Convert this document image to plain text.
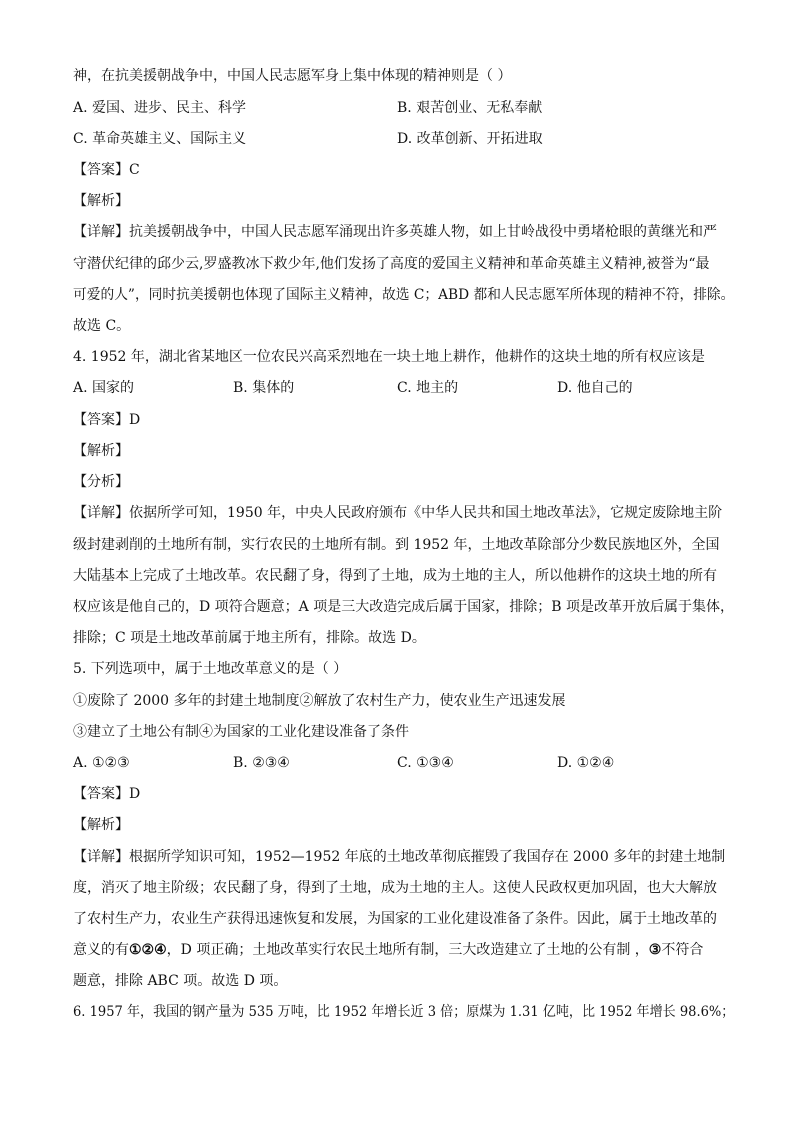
神，在抗美援朝战争中，中国人民志愿军身上集中体现的精神则是（ ）
A. 爱国、进步、民主、科学	B. 艰苦创业、无私奉献
C. 革命英雄主义、国际主义	D. 改革创新、开拓进取
【答案】C
【解析】
【详解】抗美援朝战争中，中国人民志愿军涌现出许多英雄人物，如上甘岭战役中勇堵枪眼的黄继光和严
守潜伏纪律的邱少云,罗盛教冰下救少年,他们发扬了高度的爱国主义精神和革命英雄主义精神,被誉为“最
可爱的人”，同时抗美援朝也体现了国际主义精神，故选 C；ABD 都和人民志愿军所体现的精神不符，排除。
故选 C。
4. 1952 年，湖北省某地区一位农民兴高采烈地在一块土地上耕作，他耕作的这块土地的所有权应该是
A. 国家的	B. 集体的	C. 地主的	D. 他自己的
【答案】D
【解析】
【分析】
【详解】依据所学可知，1950 年，中央人民政府颁布《中华人民共和国土地改革法》，它规定废除地主阶
级封建剥削的土地所有制，实行农民的土地所有制。到 1952 年，土地改革除部分少数民族地区外，全国
大陆基本上完成了土地改革。农民翻了身，得到了土地，成为土地的主人，所以他耕作的这块土地的所有
权应该是他自己的，D 项符合题意；A 项是三大改造完成后属于国家，排除；B 项是改革开放后属于集体，
排除；C 项是土地改革前属于地主所有，排除。故选 D。
5. 下列选项中，属于土地改革意义的是（ ）
①废除了 2000 多年的封建土地制度②解放了农村生产力，使农业生产迅速发展
③建立了土地公有制④为国家的工业化建设准备了条件
A. ①②③	B. ②③④	C. ①③④	D. ①②④
【答案】D
【解析】
【详解】根据所学知识可知，1952—1952 年底的土地改革彻底摧毁了我国存在 2000 多年的封建土地制
度，消灭了地主阶级；农民翻了身，得到了土地，成为土地的主人。这使人民政权更加巩固，也大大解放
了农村生产力，农业生产获得迅速恢复和发展，为国家的工业化建设准备了条件。因此，属于土地改革的
意义的有①②④，D 项正确；土地改革实行农民土地所有制，三大改造建立了土地的公有制 ，③不符合
题意，排除 ABC 项。故选 D 项。
6. 1957 年，我国的钢产量为 535 万吨，比 1952 年增长近 3 倍；原煤为 1.31 亿吨，比 1952 年增长 98.6%；
